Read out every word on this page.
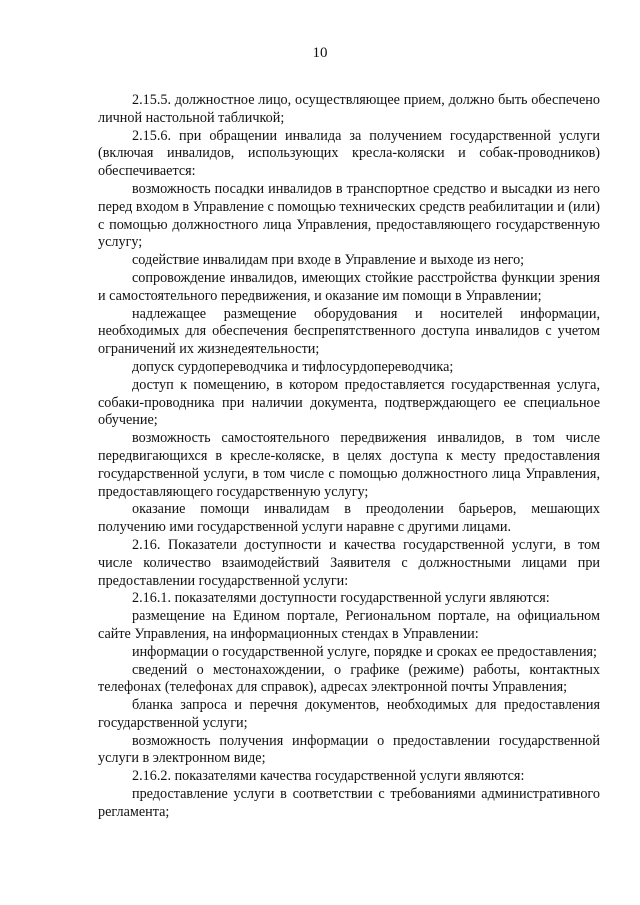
10

2.15.5. должностное лицо, осуществляющее прием, должно быть обеспечено личной настольной табличкой;

2.15.6. при обращении инвалида за получением государственной услуги (включая инвалидов, использующих кресла-коляски и собак-проводников) обеспечивается:

возможность посадки инвалидов в транспортное средство и высадки из него перед входом в Управление с помощью технических средств реабилитации и (или) с помощью должностного лица Управления, предоставляющего государственную услугу;

содействие инвалидам при входе в Управление и выходе из него;

сопровождение инвалидов, имеющих стойкие расстройства функции зрения и самостоятельного передвижения, и оказание им помощи в Управлении;

надлежащее размещение оборудования и носителей информации, необходимых для обеспечения беспрепятственного доступа инвалидов с учетом ограничений их жизнедеятельности;

допуск сурдопереводчика и тифлосурдопереводчика;

доступ к помещению, в котором предоставляется государственная услуга, собаки-проводника при наличии документа, подтверждающего ее специальное обучение;

возможность самостоятельного передвижения инвалидов, в том числе передвигающихся в кресле-коляске, в целях доступа к месту предоставления государственной услуги, в том числе с помощью должностного лица Управления, предоставляющего государственную услугу;

оказание помощи инвалидам в преодолении барьеров, мешающих получению ими государственной услуги наравне с другими лицами.

2.16. Показатели доступности и качества государственной услуги, в том числе количество взаимодействий Заявителя с должностными лицами при предоставлении государственной услуги:

2.16.1. показателями доступности государственной услуги являются:

размещение на Едином портале, Региональном портале, на официальном сайте Управления, на информационных стендах в Управлении:

информации о государственной услуге, порядке и сроках ее предоставления;

сведений о местонахождении, о графике (режиме) работы, контактных телефонах (телефонах для справок), адресах электронной почты Управления;

бланка запроса и перечня документов, необходимых для предоставления государственной услуги;

возможность получения информации о предоставлении государственной услуги в электронном виде;

2.16.2. показателями качества государственной услуги являются:

предоставление услуги в соответствии с требованиями административного регламента;
